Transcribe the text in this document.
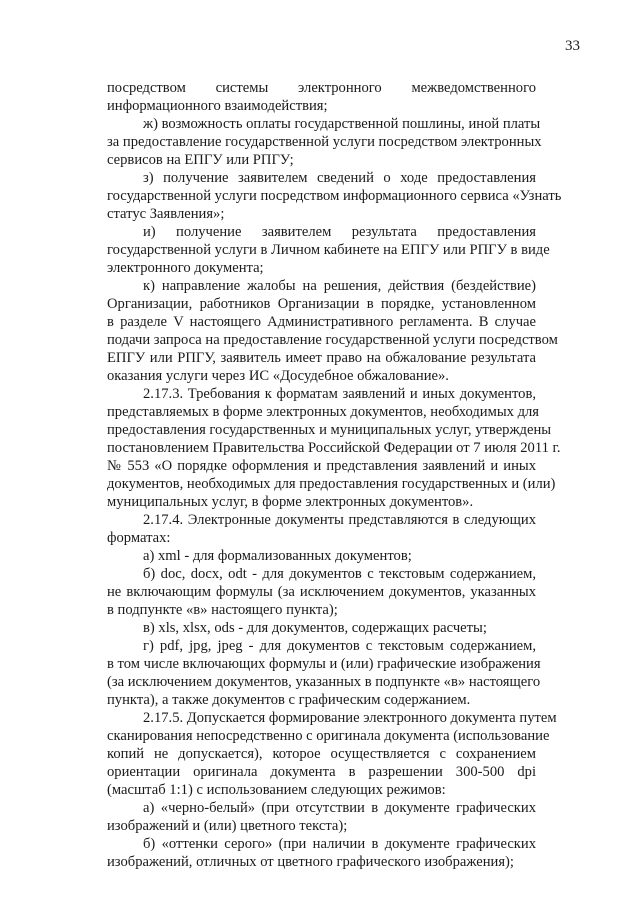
33
посредством системы электронного межведомственного
информационного взаимодействия;
ж) возможность оплаты государственной пошлины, иной платы
за предоставление государственной услуги посредством электронных
сервисов на ЕПГУ или РПГУ;
з) получение заявителем сведений о ходе предоставления
государственной услуги посредством информационного сервиса «Узнать
статус Заявления»;
и) получение заявителем результата предоставления
государственной услуги в Личном кабинете на ЕПГУ или РПГУ в виде
электронного документа;
к) направление жалобы на решения, действия (бездействие)
Организации, работников Организации в порядке, установленном
в разделе V настоящего Административного регламента. В случае
подачи запроса на предоставление государственной услуги посредством
ЕПГУ или РПГУ, заявитель имеет право на обжалование результата
оказания услуги через ИС «Досудебное обжалование».
2.17.3. Требования к форматам заявлений и иных документов,
представляемых в форме электронных документов, необходимых для
предоставления государственных и муниципальных услуг, утверждены
постановлением Правительства Российской Федерации от 7 июля 2011 г.
№ 553 «О порядке оформления и представления заявлений и иных
документов, необходимых для предоставления государственных и (или)
муниципальных услуг, в форме электронных документов».
2.17.4. Электронные документы представляются в следующих
форматах:
а) xml - для формализованных документов;
б) doc, docx, odt - для документов с текстовым содержанием,
не включающим формулы (за исключением документов, указанных
в подпункте «в» настоящего пункта);
в) xls, xlsx, ods - для документов, содержащих расчеты;
г) pdf, jpg, jpeg - для документов с текстовым содержанием,
в том числе включающих формулы и (или) графические изображения
(за исключением документов, указанных в подпункте «в» настоящего
пункта), а также документов с графическим содержанием.
2.17.5. Допускается формирование электронного документа путем
сканирования непосредственно с оригинала документа (использование
копий не допускается), которое осуществляется с сохранением
ориентации оригинала документа в разрешении 300-500 dpi
(масштаб 1:1) с использованием следующих режимов:
а) «черно-белый» (при отсутствии в документе графических
изображений и (или) цветного текста);
б) «оттенки серого» (при наличии в документе графических
изображений, отличных от цветного графического изображения);
